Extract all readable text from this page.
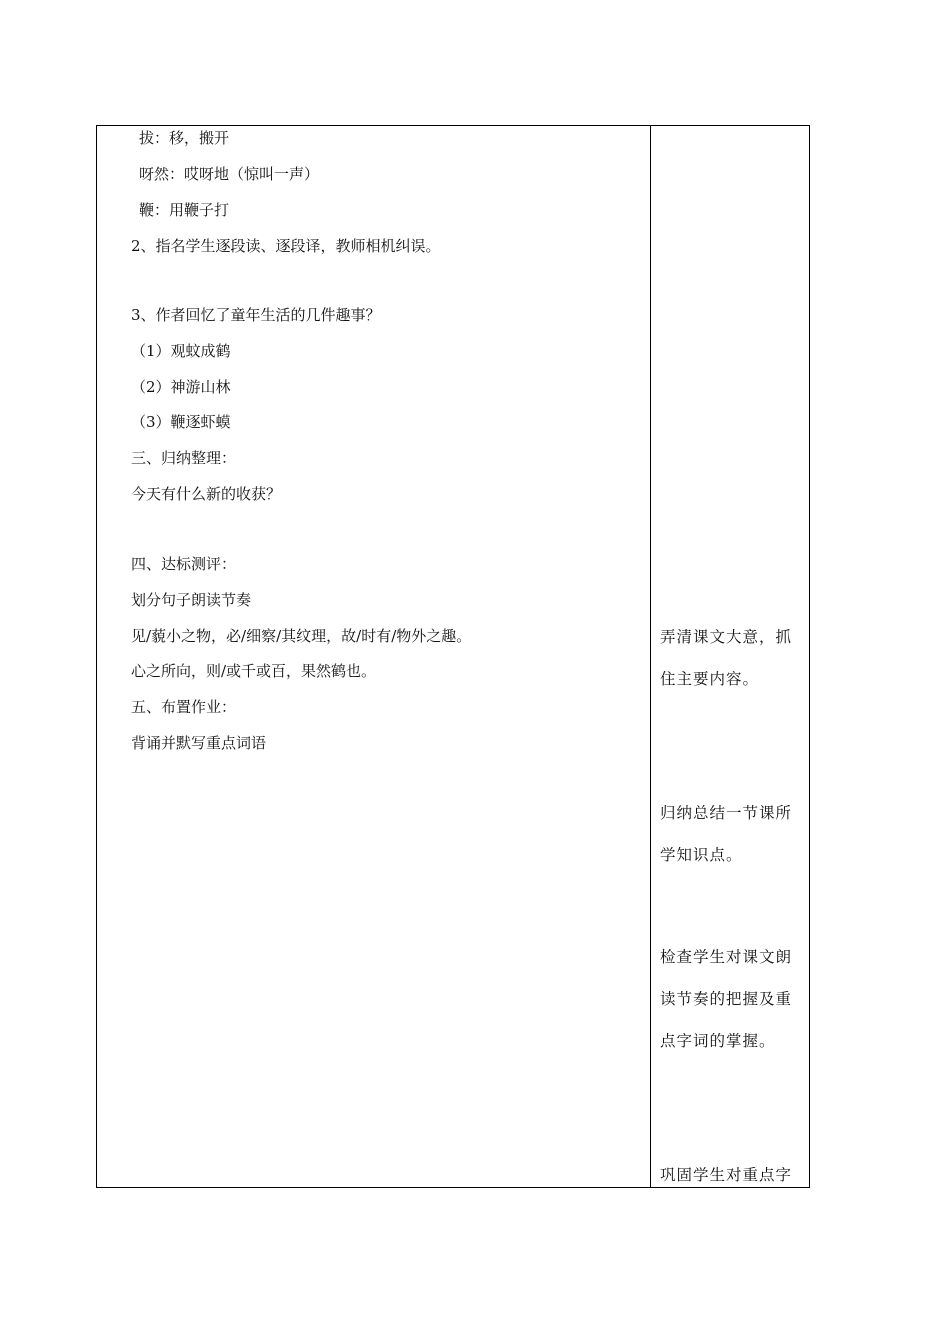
拔：移，搬开
呀然：哎呀地（惊叫一声）
鞭：用鞭子打
2、指名学生逐段读、逐段译，教师相机纠误。
3、作者回忆了童年生活的几件趣事？
（1）观蚊成鹤
（2）神游山林
（3）鞭逐虾蟆
三、归纳整理：
今天有什么新的收获？
四、达标测评：
划分句子朗读节奏
见/藐小之物，必/细察/其纹理，故/时有/物外之趣。
心之所向，则/或千或百，果然鹤也。
五、布置作业：
背诵并默写重点词语
弄清课文大意，抓
住主要内容。
归纳总结一节课所
学知识点。
检查学生对课文朗
读节奏的把握及重
点字词的掌握。
巩固学生对重点字
